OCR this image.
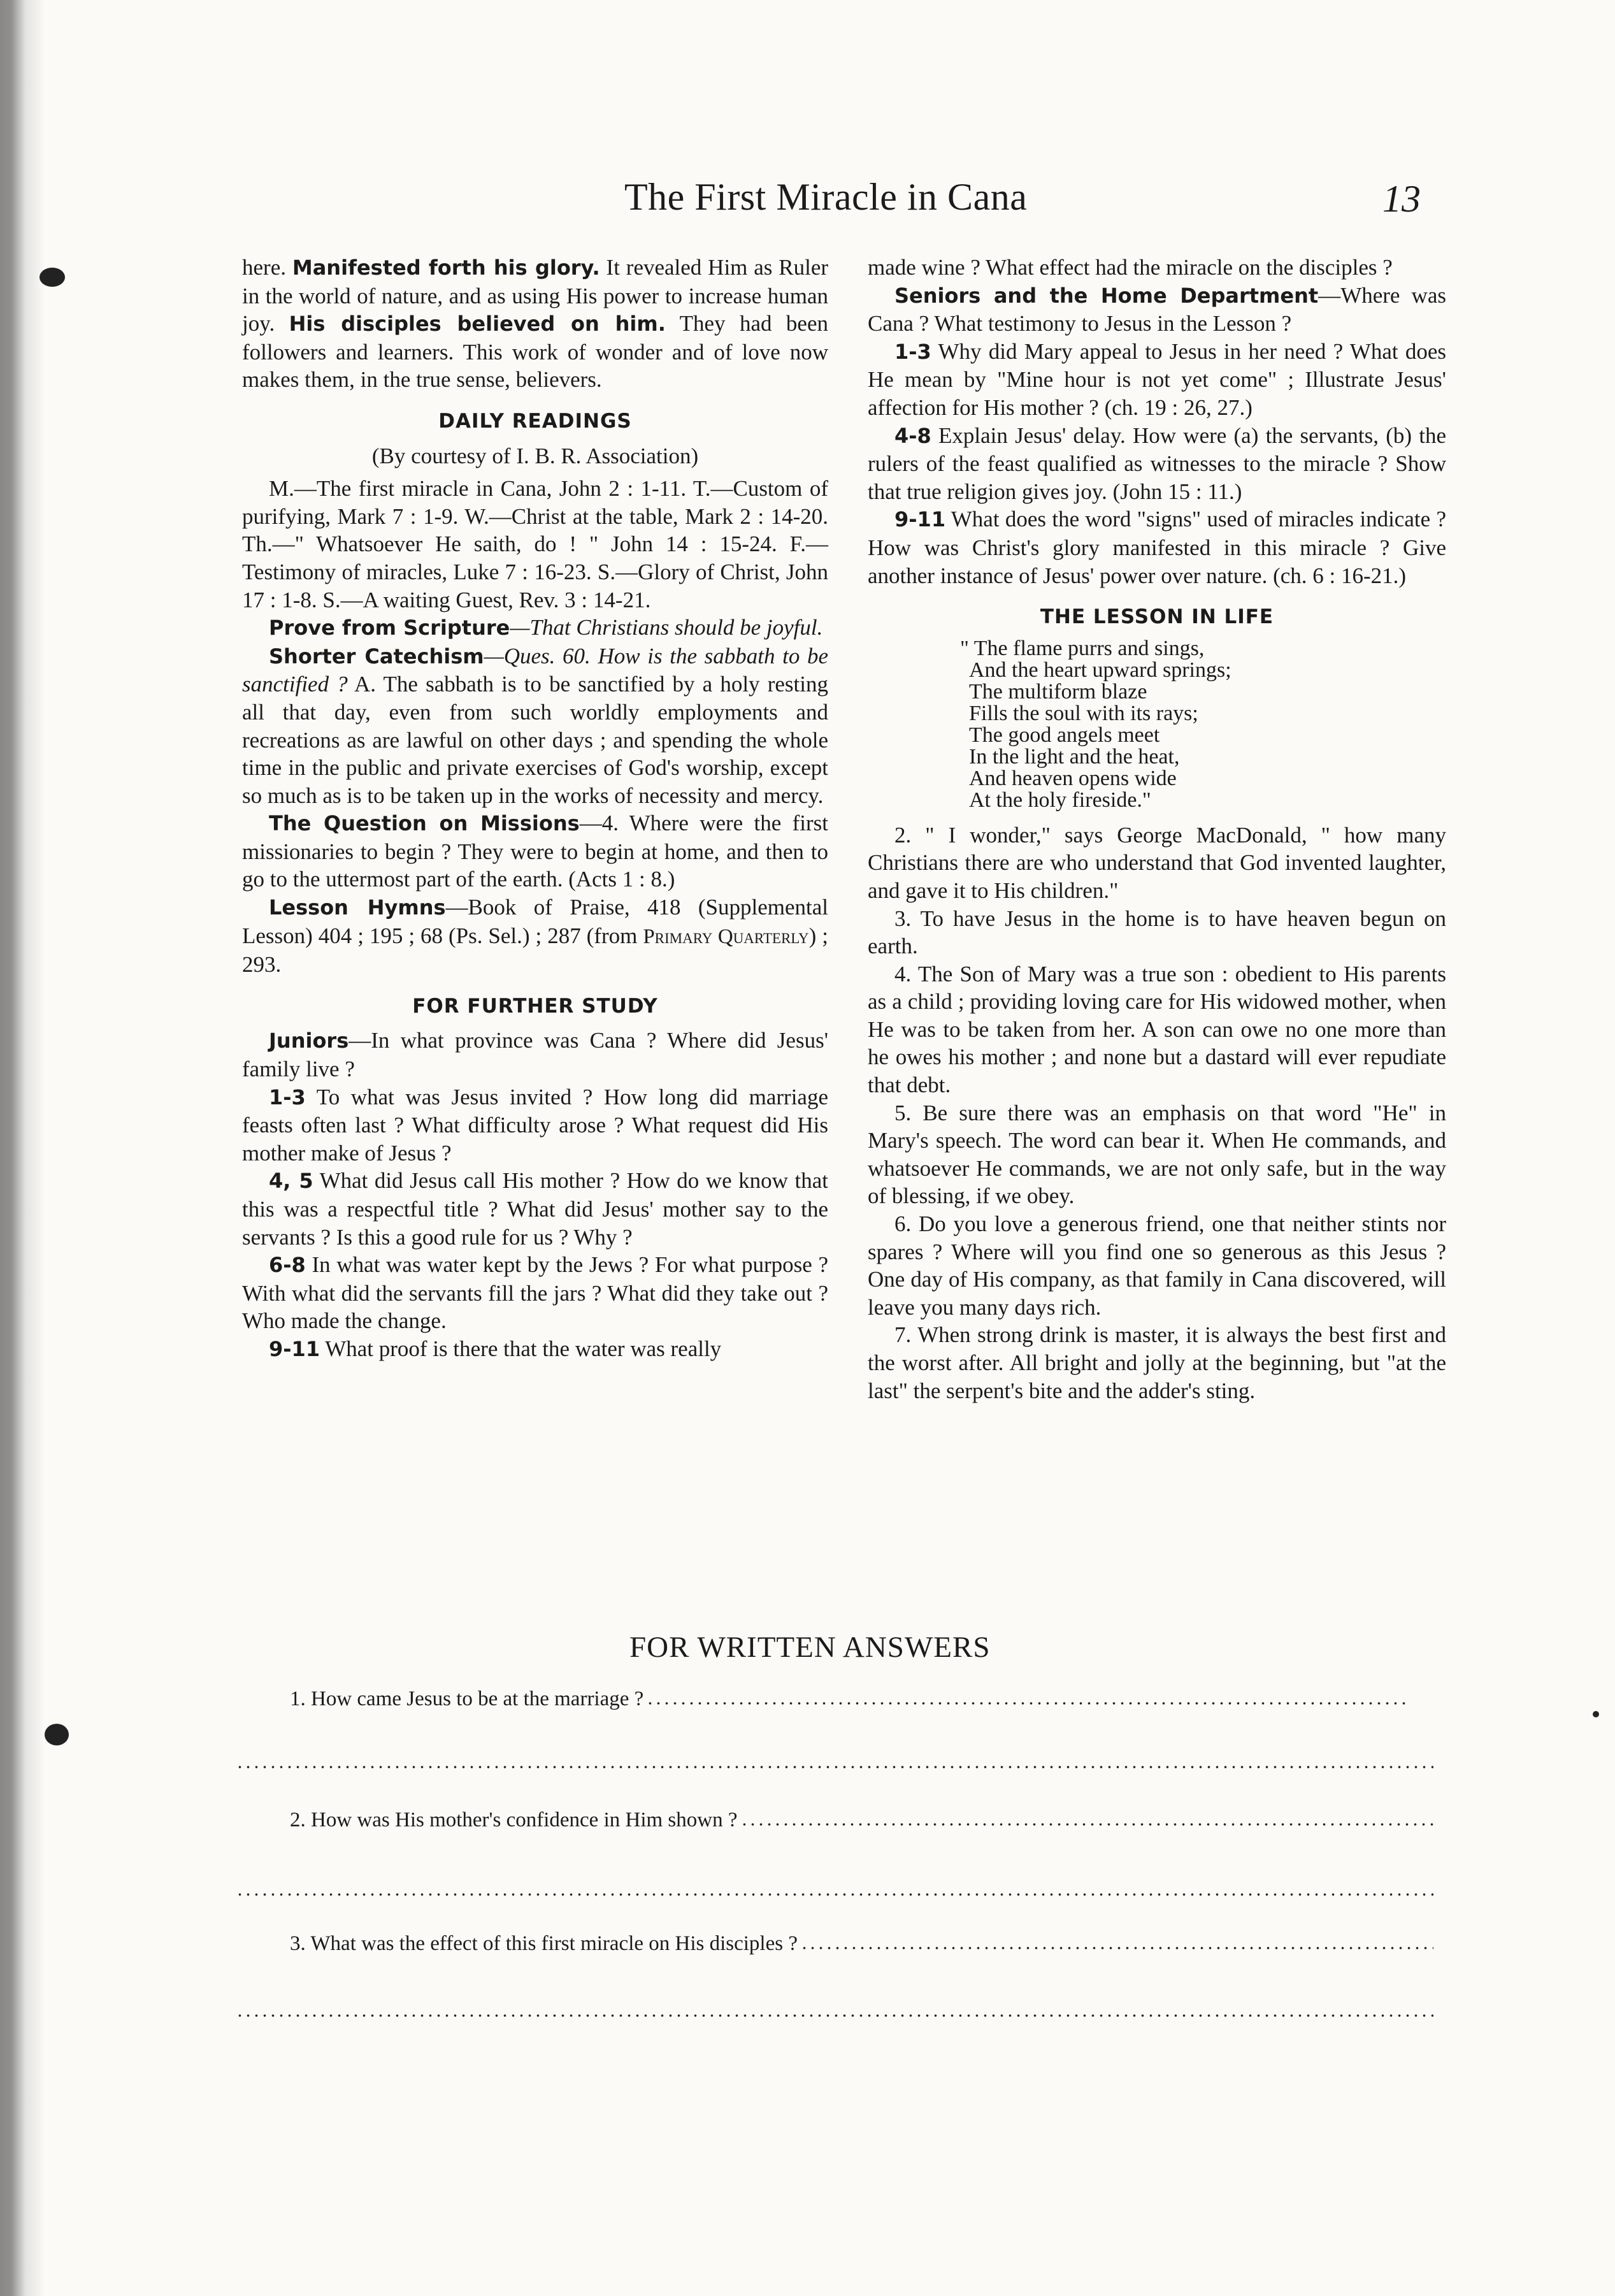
The First Miracle in Cana	13

here. Manifested forth his glory. It revealed Him as Ruler in the world of nature, and as using His power to increase human joy. His disciples believed on him. They had been followers and learners. This work of wonder and of love now makes them, in the true sense, believers.

DAILY READINGS

(By courtesy of I. B. R. Association)

M.—The first miracle in Cana, John 2 : 1-11. T.—Custom of purifying, Mark 7 : 1-9. W.—Christ at the table, Mark 2 : 14-20. Th.—" Whatsoever He saith, do ! " John 14 : 15-24. F.—Testimony of miracles, Luke 7 : 16-23. S.—Glory of Christ, John 17 : 1-8. S.—A waiting Guest, Rev. 3 : 14-21.

Prove from Scripture—That Christians should be joyful.

Shorter Catechism—Ques. 60. How is the sabbath to be sanctified ? A. The sabbath is to be sanctified by a holy resting all that day, even from such worldly employments and recreations as are lawful on other days ; and spending the whole time in the public and private exercises of God's worship, except so much as is to be taken up in the works of necessity and mercy.

The Question on Missions—4. Where were the first missionaries to begin ? They were to begin at home, and then to go to the uttermost part of the earth. (Acts 1 : 8.)

Lesson Hymns—Book of Praise, 418 (Supplemental Lesson) 404 ; 195 ; 68 (Ps. Sel.) ; 287 (from Primary Quarterly) ; 293.

FOR FURTHER STUDY

Juniors—In what province was Cana ? Where did Jesus' family live ?

1-3 To what was Jesus invited ? How long did marriage feasts often last ? What difficulty arose ? What request did His mother make of Jesus ?

4, 5 What did Jesus call His mother ? How do we know that this was a respectful title ? What did Jesus' mother say to the servants ? Is this a good rule for us ? Why ?

6-8 In what was water kept by the Jews ? For what purpose ? With what did the servants fill the jars ? What did they take out ? Who made the change.

9-11 What proof is there that the water was really

made wine ? What effect had the miracle on the disciples ?

Seniors and the Home Department—Where was Cana ? What testimony to Jesus in the Lesson ?

1-3 Why did Mary appeal to Jesus in her need ? What does He mean by "Mine hour is not yet come" ; Illustrate Jesus' affection for His mother ? (ch. 19 : 26, 27.)

4-8 Explain Jesus' delay. How were (a) the servants, (b) the rulers of the feast qualified as witnesses to the miracle ? Show that true religion gives joy. (John 15 : 11.)

9-11 What does the word "signs" used of miracles indicate ? How was Christ's glory manifested in this miracle ? Give another instance of Jesus' power over nature. (ch. 6 : 16-21.)

THE LESSON IN LIFE
" The flame purrs and sings,
And the heart upward springs;
The multiform blaze
Fills the soul with its rays;
The good angels meet
In the light and the heat,
And heaven opens wide
At the holy fireside."

2. " I wonder," says George MacDonald, " how many Christians there are who understand that God invented laughter, and gave it to His children."

3. To have Jesus in the home is to have heaven begun on earth.

4. The Son of Mary was a true son : obedient to His parents as a child ; providing loving care for His widowed mother, when He was to be taken from her. A son can owe no one more than he owes his mother ; and none but a dastard will ever repudiate that debt.

5. Be sure there was an emphasis on that word "He" in Mary's speech. The word can bear it. When He commands, and whatsoever He commands, we are not only safe, but in the way of blessing, if we obey.

6. Do you love a generous friend, one that neither stints nor spares ? Where will you find one so generous as this Jesus ? One day of His company, as that family in Cana discovered, will leave you many days rich.

7. When strong drink is master, it is always the best first and the worst after. All bright and jolly at the beginning, but "at the last" the serpent's bite and the adder's sting.

FOR WRITTEN ANSWERS
1. How came Jesus to be at the marriage ?
2. How was His mother's confidence in Him shown ?
3. What was the effect of this first miracle on His disciples ?
